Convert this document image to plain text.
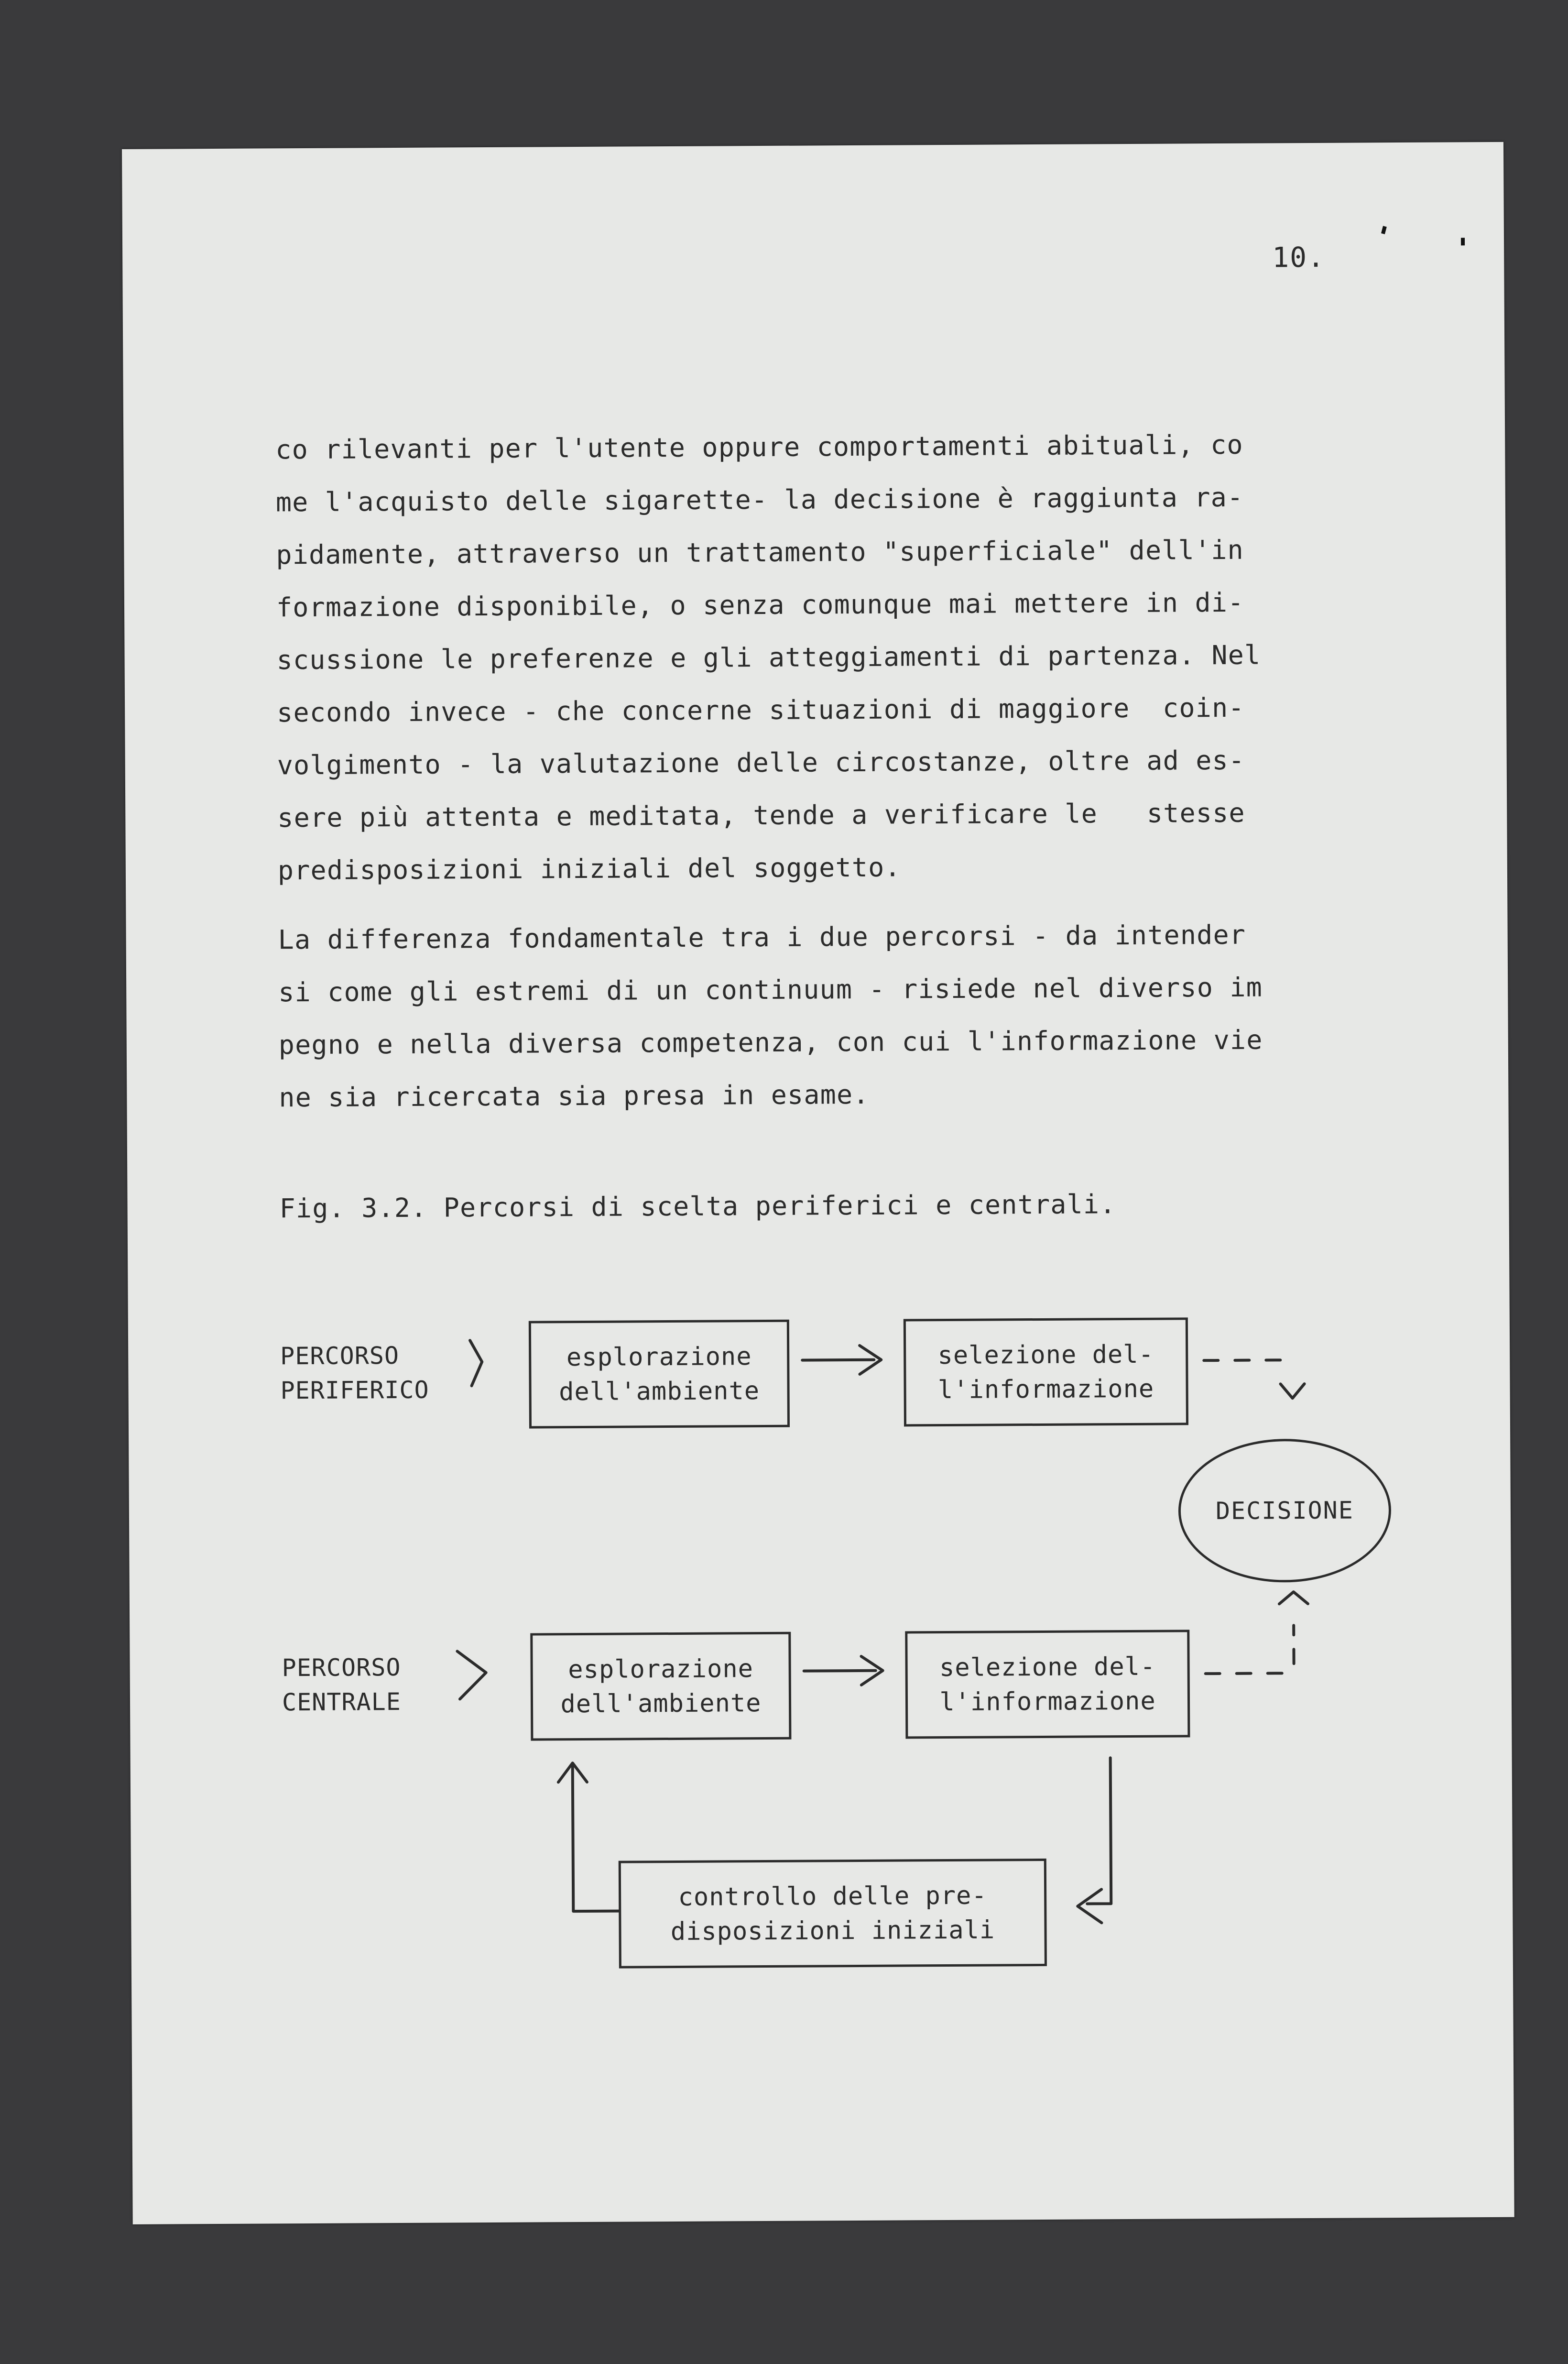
10.
co rilevanti per l'utente oppure comportamenti abituali, co
me l'acquisto delle sigarette- la decisione è raggiunta ra-
pidamente, attraverso un trattamento "superficiale" dell'in
formazione disponibile, o senza comunque mai mettere in di-
scussione le preferenze e gli atteggiamenti di partenza. Nel
secondo invece - che concerne situazioni di maggiore  coin-
volgimento - la valutazione delle circostanze, oltre ad es-
sere più attenta e meditata, tende a verificare le   stesse
predisposizioni iniziali del soggetto.
La differenza fondamentale tra i due percorsi - da intender
si come gli estremi di un continuum - risiede nel diverso im
pegno e nella diversa competenza, con cui l'informazione vie
ne sia ricercata sia presa in esame.
Fig. 3.2. Percorsi di scelta periferici e centrali.
PERCORSO
PERIFERICO
PERCORSO
CENTRALE
esplorazione
dell'ambiente
selezione del-
l'informazione
DECISIONE
esplorazione
dell'ambiente
selezione del-
l'informazione
controllo delle pre-
disposizioni iniziali
